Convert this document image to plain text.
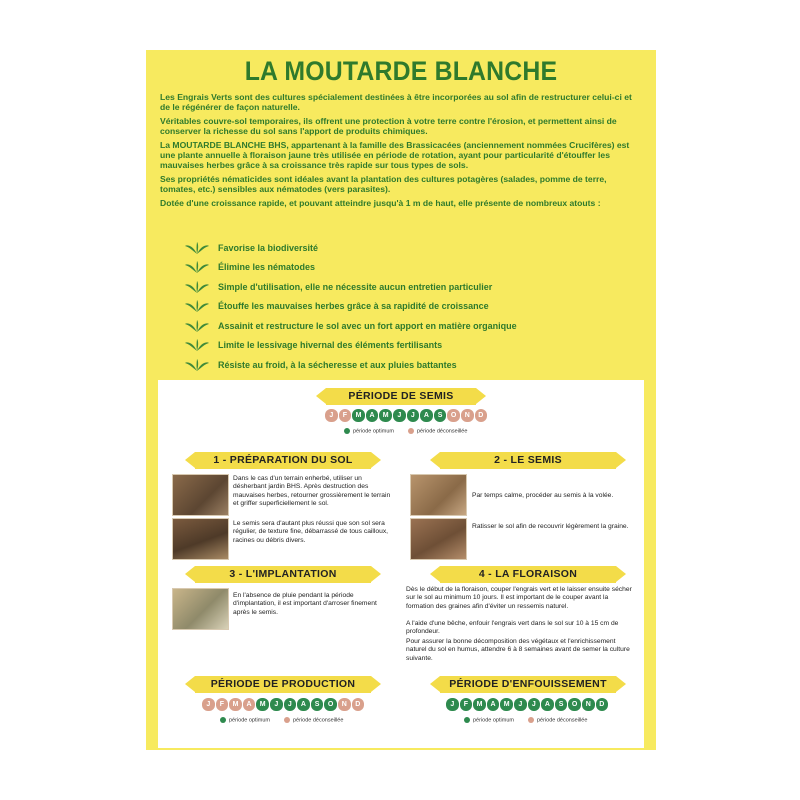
LA MOUTARDE BLANCHE

Les Engrais Verts sont des cultures spécialement destinées à être incorporées au sol afin de restructurer celui-ci et de le régénérer de façon naturelle.

Véritables couvre-sol temporaires, ils offrent une protection à votre terre contre l'érosion, et permettent ainsi de conserver la richesse du sol sans l'apport de produits chimiques.

La MOUTARDE BLANCHE BHS, appartenant à la famille des Brassicacées (anciennement nommées Crucifères) est une plante annuelle à floraison jaune très utilisée en période de rotation, ayant pour particularité d'étouffer les mauvaises herbes grâce à sa croissance très rapide sur tous types de sols.

Ses propriétés nématicides sont idéales avant la plantation des cultures potagères (salades, pomme de terre, tomates, etc.) sensibles aux nématodes (vers parasites).

Dotée d'une croissance rapide, et pouvant atteindre jusqu'à 1 m de haut, elle présente de nombreux atouts :

Favorise la biodiversité
Élimine les nématodes
Simple d'utilisation, elle ne nécessite aucun entretien particulier
Étouffe les mauvaises herbes grâce à sa rapidité de croissance
Assainit et restructure le sol avec un fort apport en matière organique
Limite le lessivage hivernal des éléments fertilisants
Résiste au froid, à la sécheresse et aux pluies battantes
PÉRIODE DE SEMIS
J	F	M	A	M	J	J	A	S	O	N	D
période optimum	période déconseillée
1 - PRÉPARATION DU SOL
Dans le cas d'un terrain enherbé, utiliser un désherbant jardin BHS. Après destruction des mauvaises herbes, retourner grossièrement le terrain et griffer superficiellement le sol.
Le semis sera d'autant plus réussi que son sol sera régulier, de texture fine, débarrassé de tous cailloux, racines ou débris divers.
2 - LE SEMIS
Par temps calme, procéder au semis à la volée.
Ratisser le sol afin de recouvrir légèrement la graine.
3 - L'IMPLANTATION
En l'absence de pluie pendant la période d'implantation, il est important d'arroser finement après le semis.
4 - LA FLORAISON
Dès le début de la floraison, couper l'engrais vert et le laisser ensuite sécher sur le sol au minimum 10 jours. Il est important de le couper avant la formation des graines afin d'éviter un ressemis naturel.
A l'aide d'une bêche, enfouir l'engrais vert dans le sol sur 10 à 15 cm de profondeur.
Pour assurer la bonne décomposition des végétaux et l'enrichissement naturel du sol en humus, attendre 6 à 8 semaines avant de semer la culture suivante.
PÉRIODE DE PRODUCTION
J	F	M	A	M	J	J	A	S	O	N	D
période optimum	période déconseillée
PÉRIODE D'ENFOUISSEMENT
J	F	M	A	M	J	J	A	S	O	N	D
période optimum	période déconseillée
